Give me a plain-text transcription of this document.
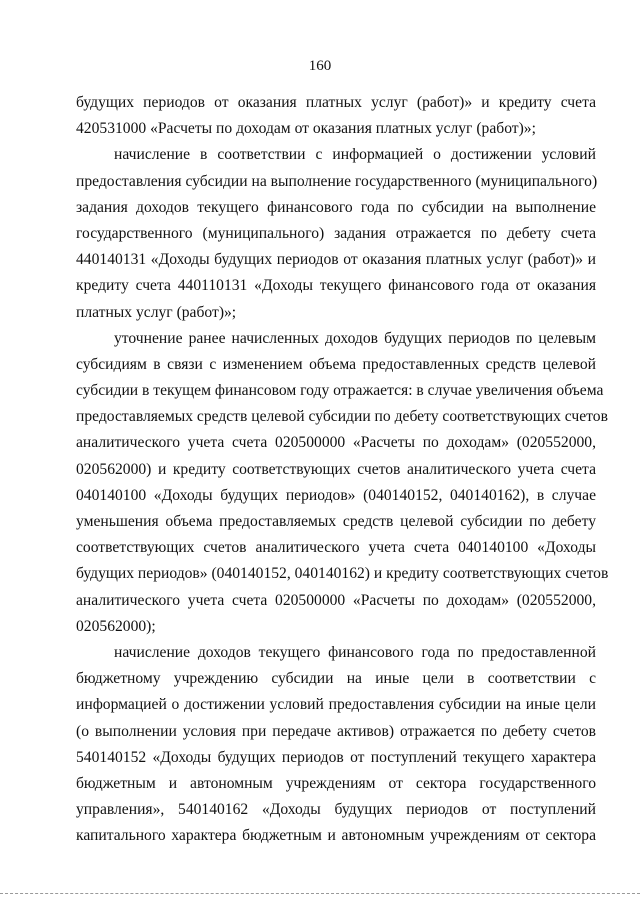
160
будущих периодов от оказания платных услуг (работ)» и кредиту счета
420531000 «Расчеты по доходам от оказания платных услуг (работ)»;
начисление в соответствии с информацией о достижении условий
предоставления субсидии на выполнение государственного (муниципального)
задания доходов текущего финансового года по субсидии на выполнение
государственного (муниципального) задания отражается по дебету счета
440140131 «Доходы будущих периодов от оказания платных услуг (работ)» и
кредиту счета 440110131 «Доходы текущего финансового года от оказания
платных услуг (работ)»;
уточнение ранее начисленных доходов будущих периодов по целевым
субсидиям в связи с изменением объема предоставленных средств целевой
субсидии в текущем финансовом году отражается: в случае увеличения объема
предоставляемых средств целевой субсидии по дебету соответствующих счетов
аналитического учета счета 020500000 «Расчеты по доходам» (020552000,
020562000) и кредиту соответствующих счетов аналитического учета счета
040140100 «Доходы будущих периодов» (040140152, 040140162), в случае
уменьшения объема предоставляемых средств целевой субсидии по дебету
соответствующих счетов аналитического учета счета 040140100 «Доходы
будущих периодов» (040140152, 040140162) и кредиту соответствующих счетов
аналитического учета счета 020500000 «Расчеты по доходам» (020552000,
020562000);
начисление доходов текущего финансового года по предоставленной
бюджетному учреждению субсидии на иные цели в соответствии с
информацией о достижении условий предоставления субсидии на иные цели
(о выполнении условия при передаче активов) отражается по дебету счетов
540140152 «Доходы будущих периодов от поступлений текущего характера
бюджетным и автономным учреждениям от сектора государственного
управления», 540140162 «Доходы будущих периодов от поступлений
капитального характера бюджетным и автономным учреждениям от сектора
